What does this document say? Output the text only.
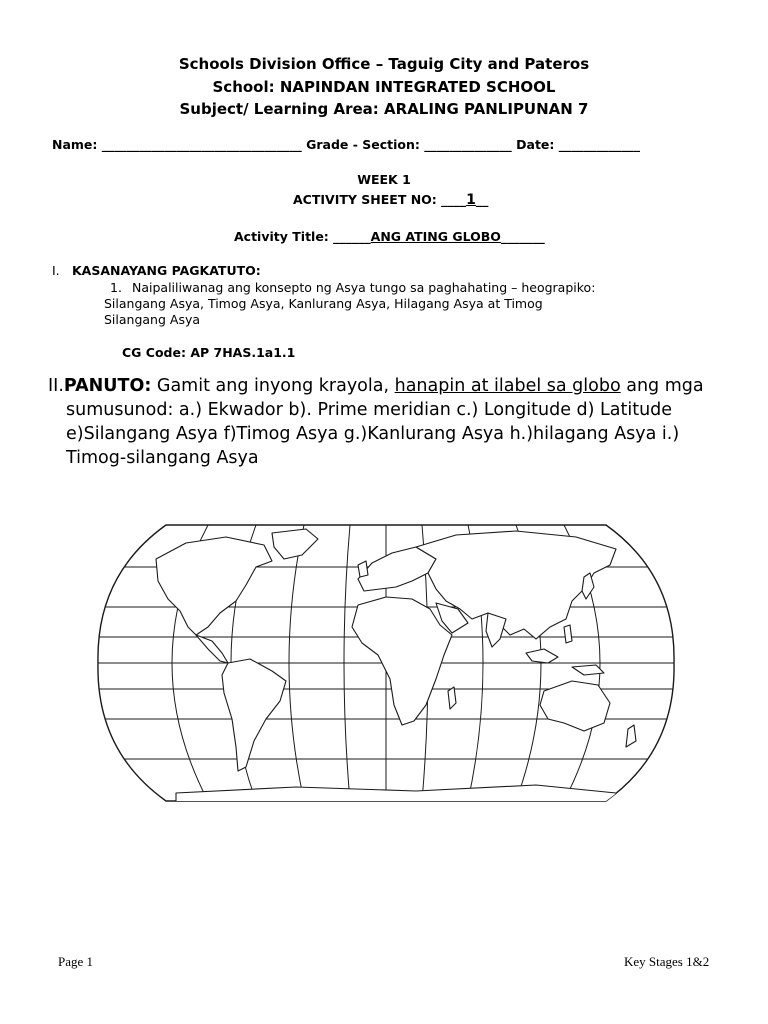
Schools Division Office – Taguig City and Pateros
School: NAPINDAN INTEGRATED SCHOOL
Subject/ Learning Area: ARALING PANLIPUNAN 7
Name: ________________________________ Grade - Section: ______________ Date: _____________
WEEK 1
ACTIVITY SHEET NO: ____1__
Activity Title: ______ANG ATING GLOBO_______
I. KASANAYANG PAGKATUTO:
1. Naipaliliwanag ang konsepto ng Asya tungo sa paghahating – heograpiko:
Silangang Asya, Timog Asya, Kanlurang Asya, Hilagang Asya at Timog
Silangang Asya
CG Code: AP 7HAS.1a1.1
II.PANUTO: Gamit ang inyong krayola, hanapin at ilabel sa globo ang mga
sumusunod: a.) Ekwador b). Prime meridian c.) Longitude d) Latitude
e)Silangang Asya f)Timog Asya g.)Kanlurang Asya h.)hilagang Asya i.)
Timog-silangang Asya
Page 1	Key Stages 1&2
